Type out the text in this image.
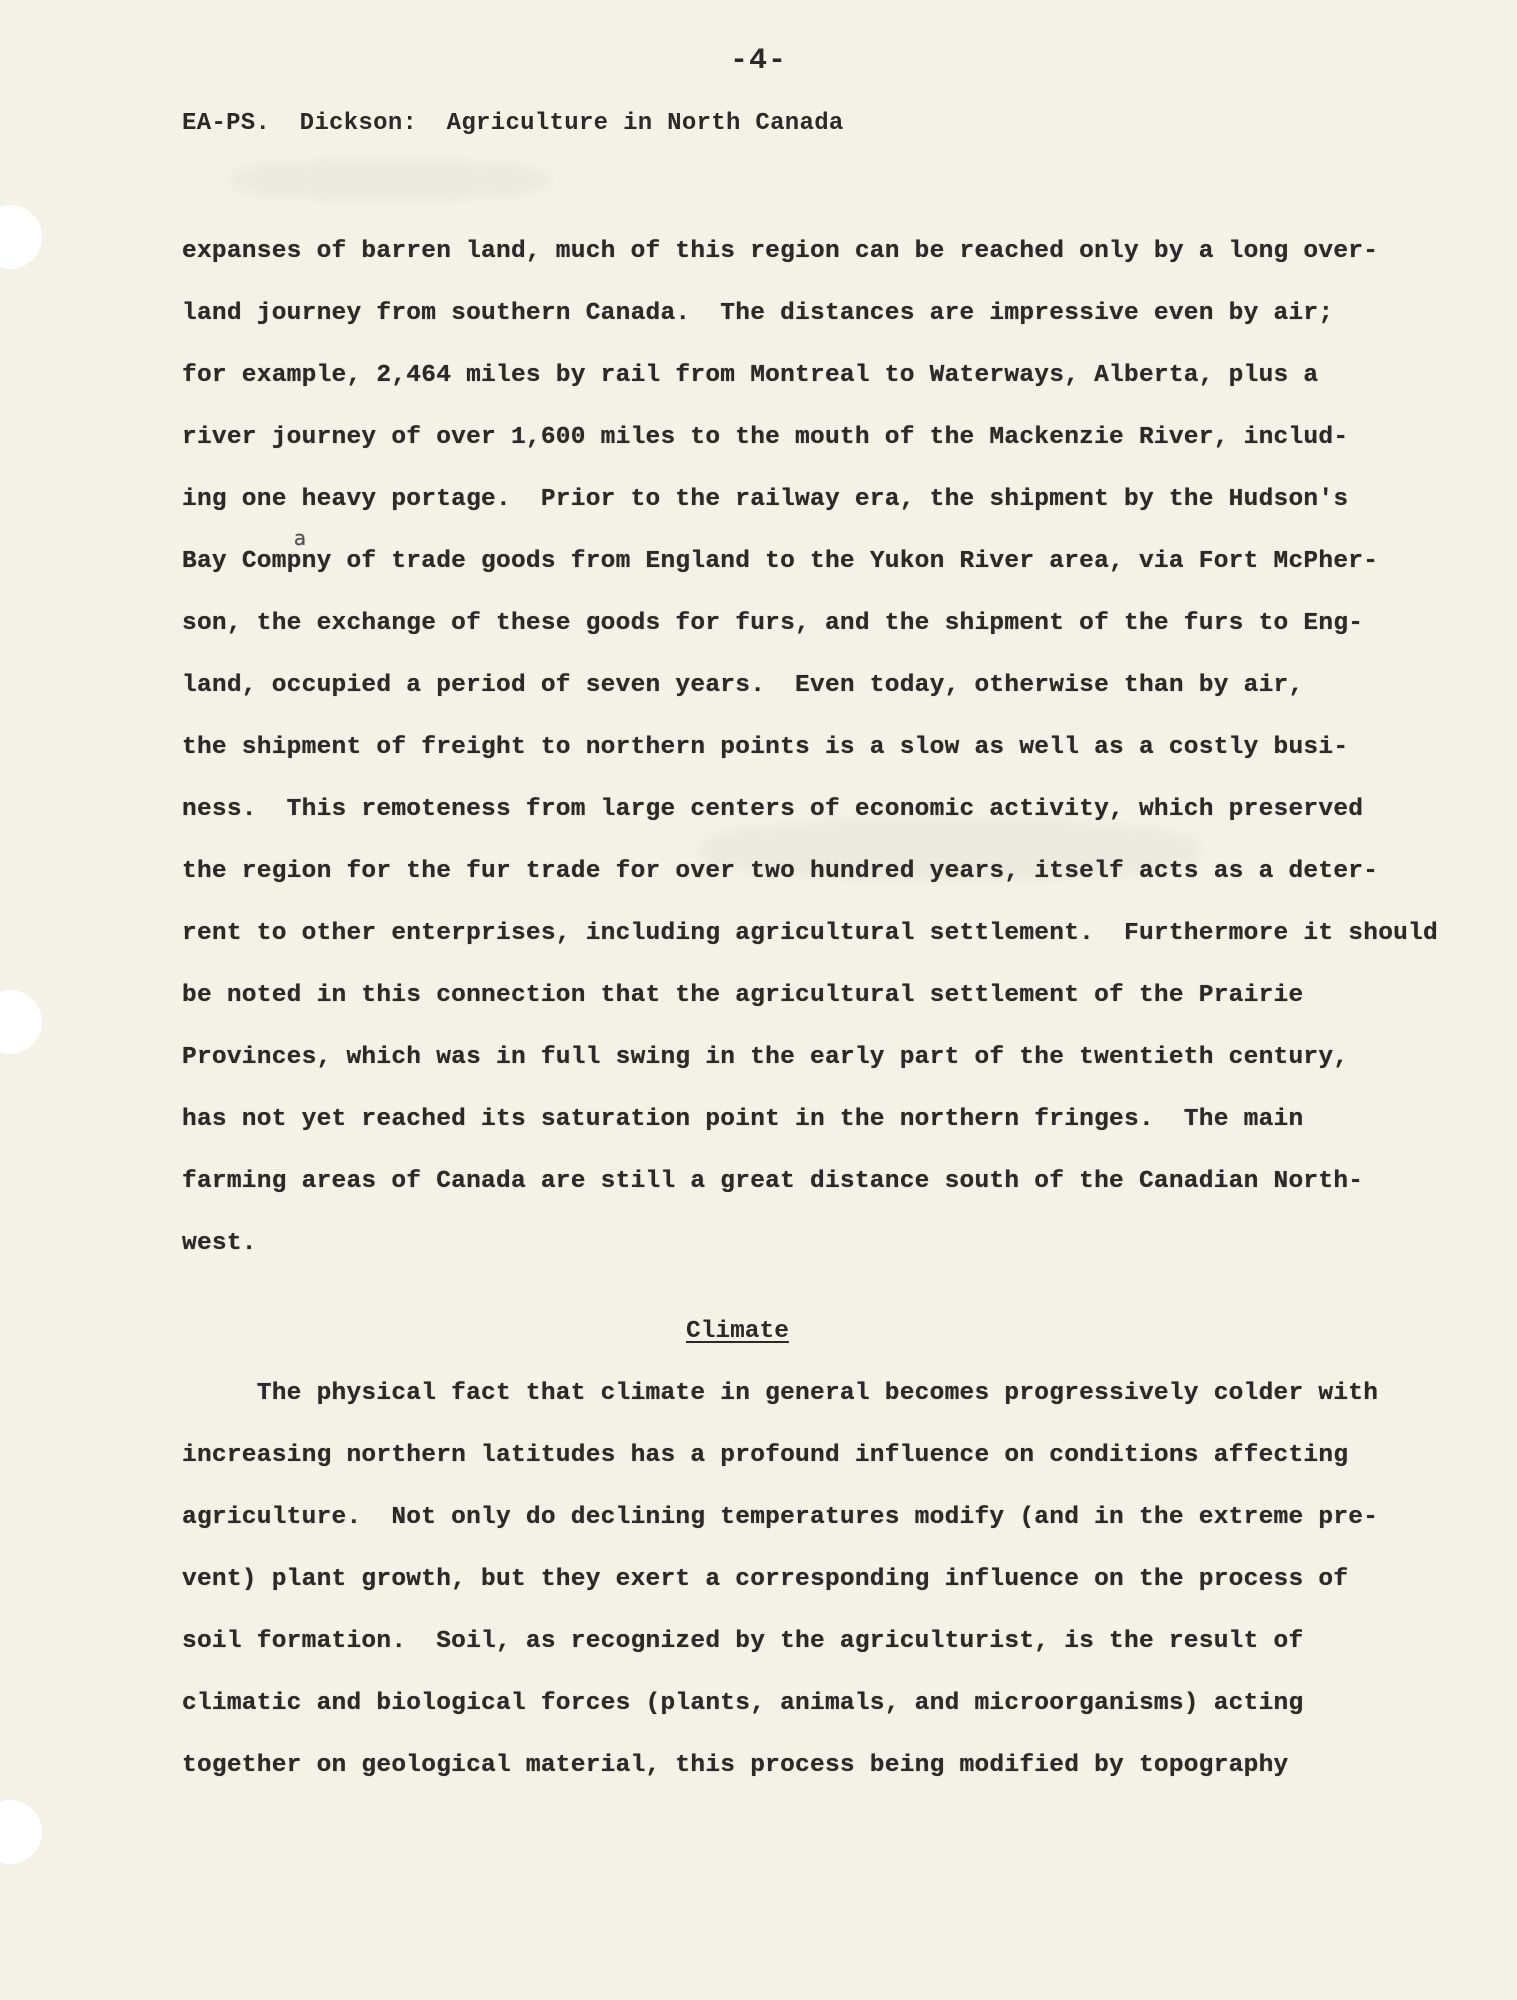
-4-
EA-PS.  Dickson:  Agriculture in North Canada
expanses of barren land, much of this region can be reached only by a long over-
land journey from southern Canada.  The distances are impressive even by air;
for example, 2,464 miles by rail from Montreal to Waterways, Alberta, plus a
river journey of over 1,600 miles to the mouth of the Mackenzie River, includ-
ing one heavy portage.  Prior to the railway era, the shipment by the Hudson's
Bay Compny
a
of trade goods from England to the Yukon River area, via Fort McPher-
son, the exchange of these goods for furs, and the shipment of the furs to Eng-
land, occupied a period of seven years.  Even today, otherwise than by air,
the shipment of freight to northern points is a slow as well as a costly busi-
ness.  This remoteness from large centers of economic activity, which preserved
the region for the fur trade for over two hundred years, itself acts as a deter-
rent to other enterprises, including agricultural settlement.  Furthermore it should
be noted in this connection that the agricultural settlement of the Prairie
Provinces, which was in full swing in the early part of the twentieth century,
has not yet reached its saturation point in the northern fringes.  The main
farming areas of Canada are still a great distance south of the Canadian North-
west.
Climate
The physical fact that climate in general becomes progressively colder with
increasing northern latitudes has a profound influence on conditions affecting
agriculture.  Not only do declining temperatures modify (and in the extreme pre-
vent) plant growth, but they exert a corresponding influence on the process of
soil formation.  Soil, as recognized by the agriculturist, is the result of
climatic and biological forces (plants, animals, and microorganisms) acting
together on geological material, this process being modified by topography
